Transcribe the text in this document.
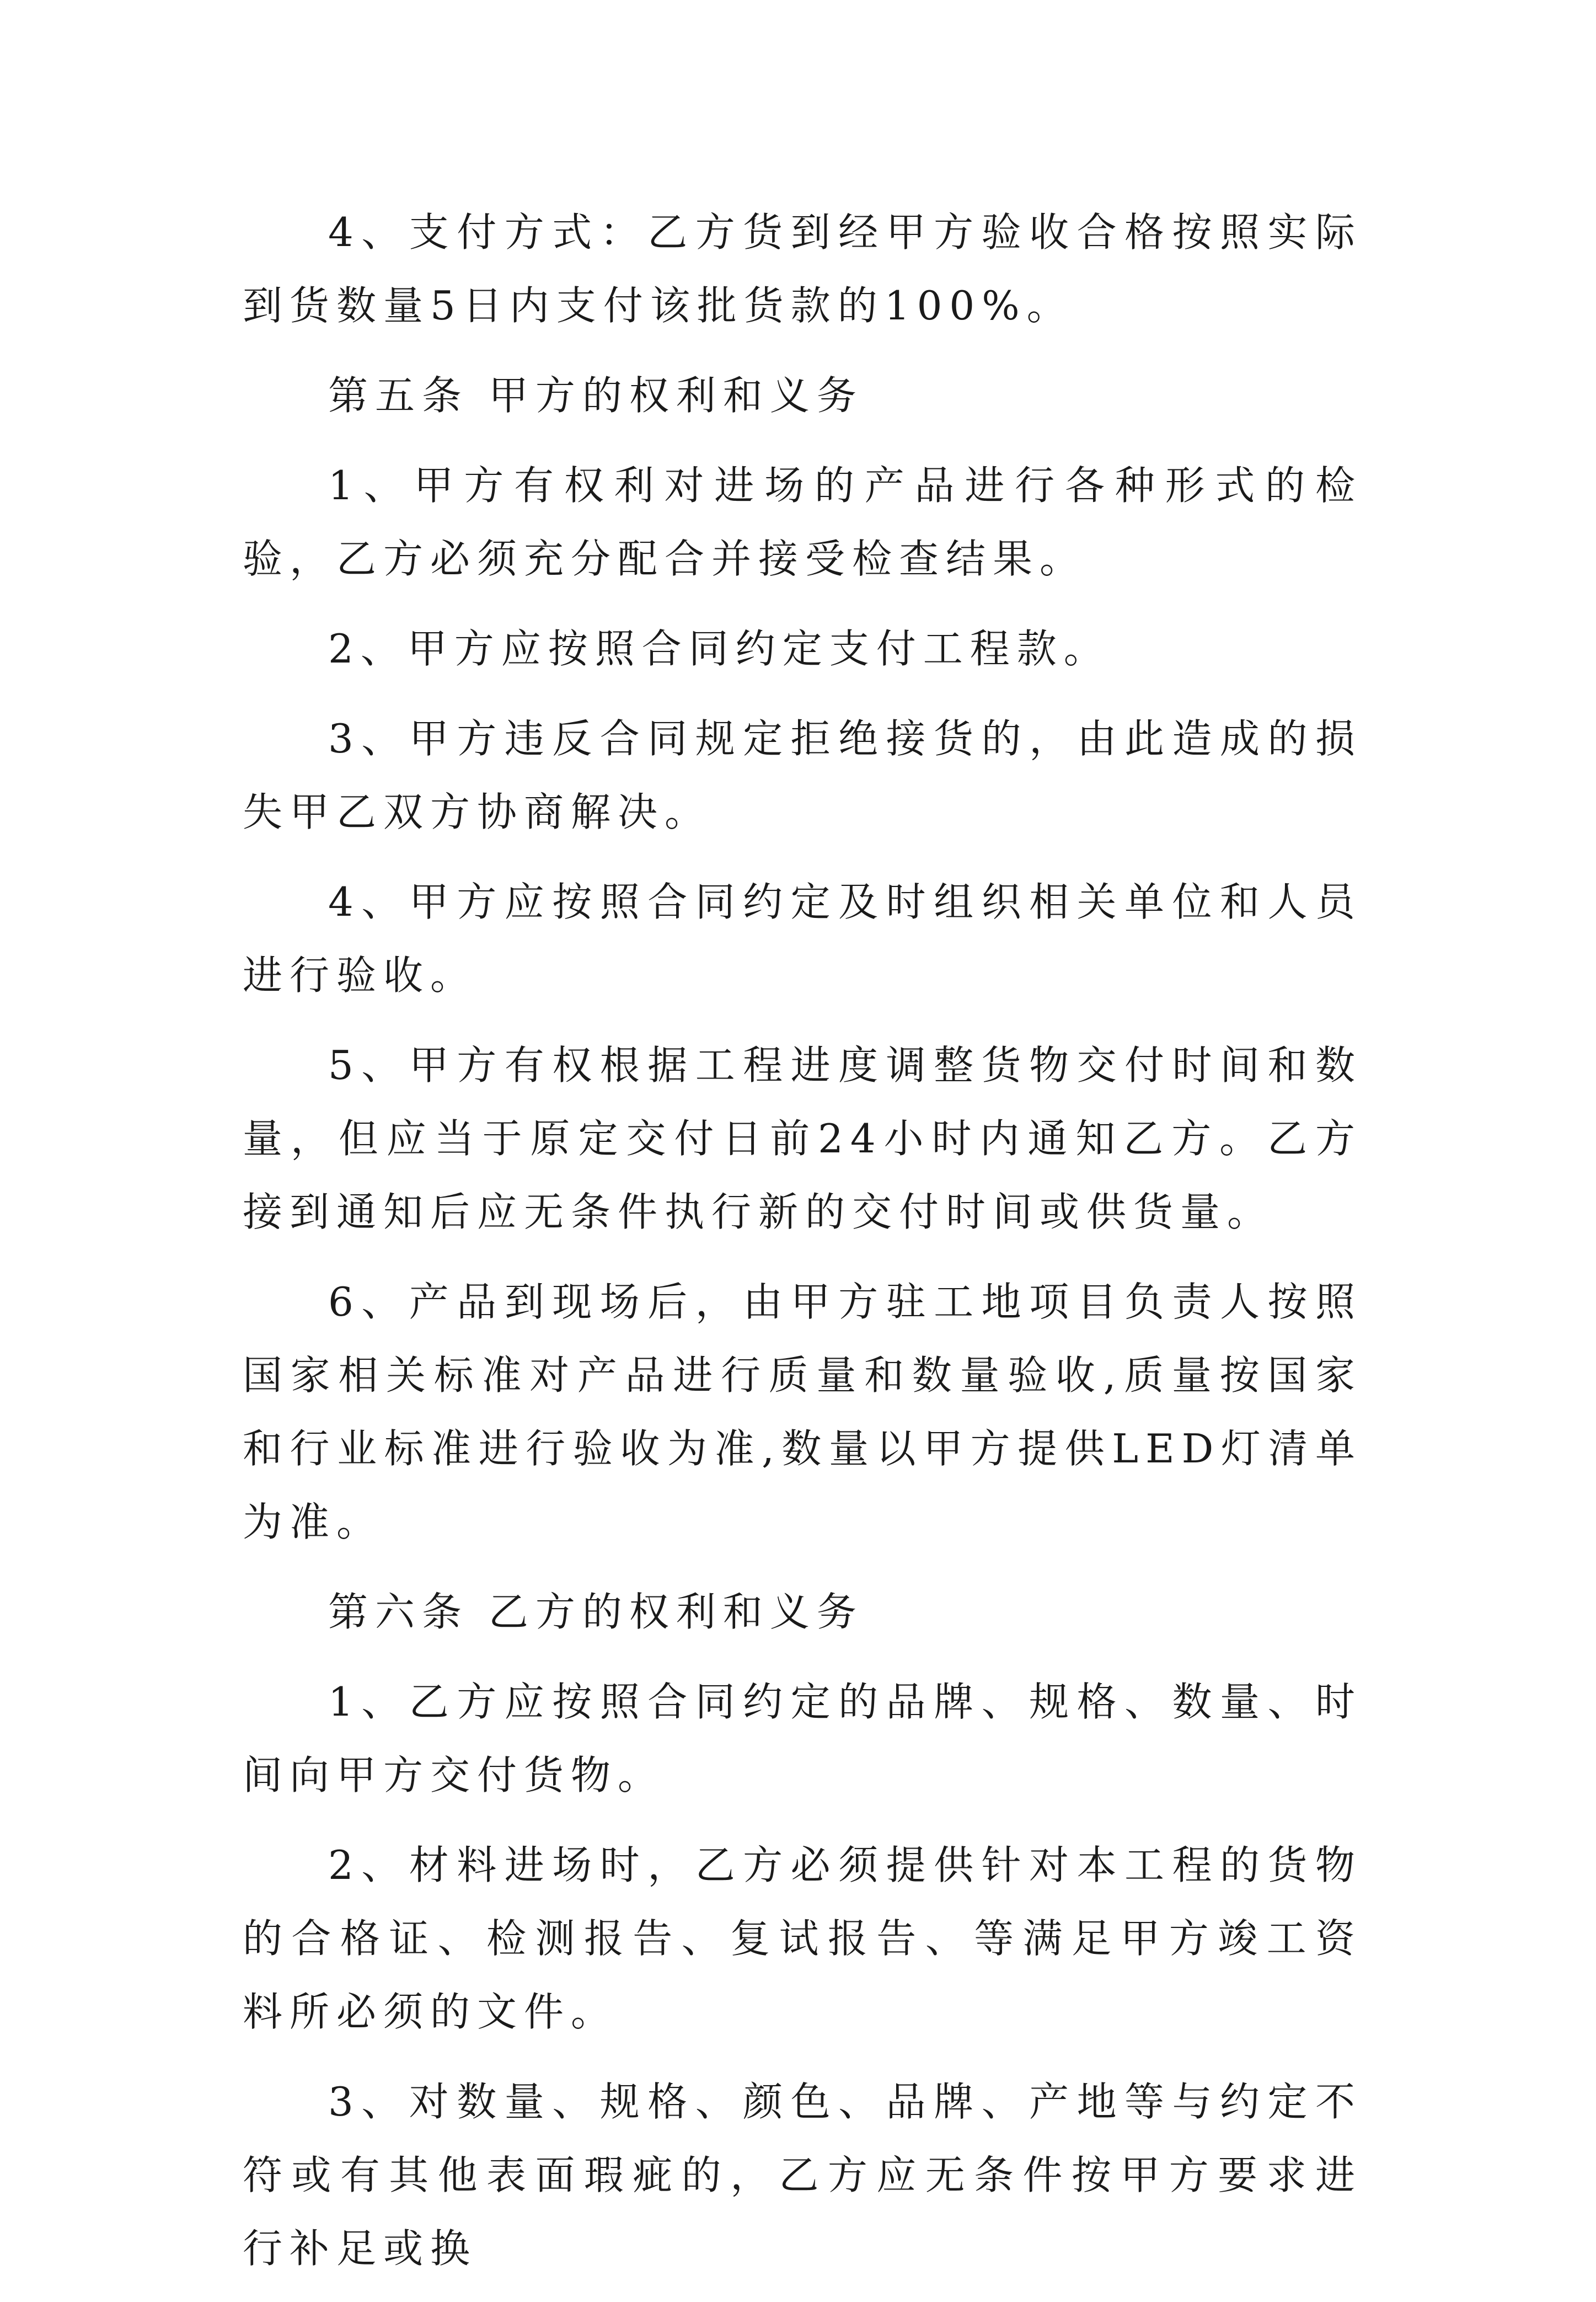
4、支付方式：乙方货到经甲方验收合格按照实际到货数量5日内支付该批货款的100%。

第五条 甲方的权利和义务

1、甲方有权利对进场的产品进行各种形式的检验，乙方必须充分配合并接受检查结果。

2、甲方应按照合同约定支付工程款。

3、甲方违反合同规定拒绝接货的，由此造成的损失甲乙双方协商解决。

4、甲方应按照合同约定及时组织相关单位和人员进行验收。

5、甲方有权根据工程进度调整货物交付时间和数量，但应当于原定交付日前24小时内通知乙方。乙方接到通知后应无条件执行新的交付时间或供货量。

6、产品到现场后，由甲方驻工地项目负责人按照国家相关标准对产品进行质量和数量验收,质量按国家和行业标准进行验收为准,数量以甲方提供LED灯清单为准。

第六条 乙方的权利和义务

1、乙方应按照合同约定的品牌、规格、数量、时间向甲方交付货物。

2、材料进场时，乙方必须提供针对本工程的货物的合格证、检测报告、复试报告、等满足甲方竣工资料所必须的文件。

3、对数量、规格、颜色、品牌、产地等与约定不符或有其他表面瑕疵的，乙方应无条件按甲方要求进行补足或换
